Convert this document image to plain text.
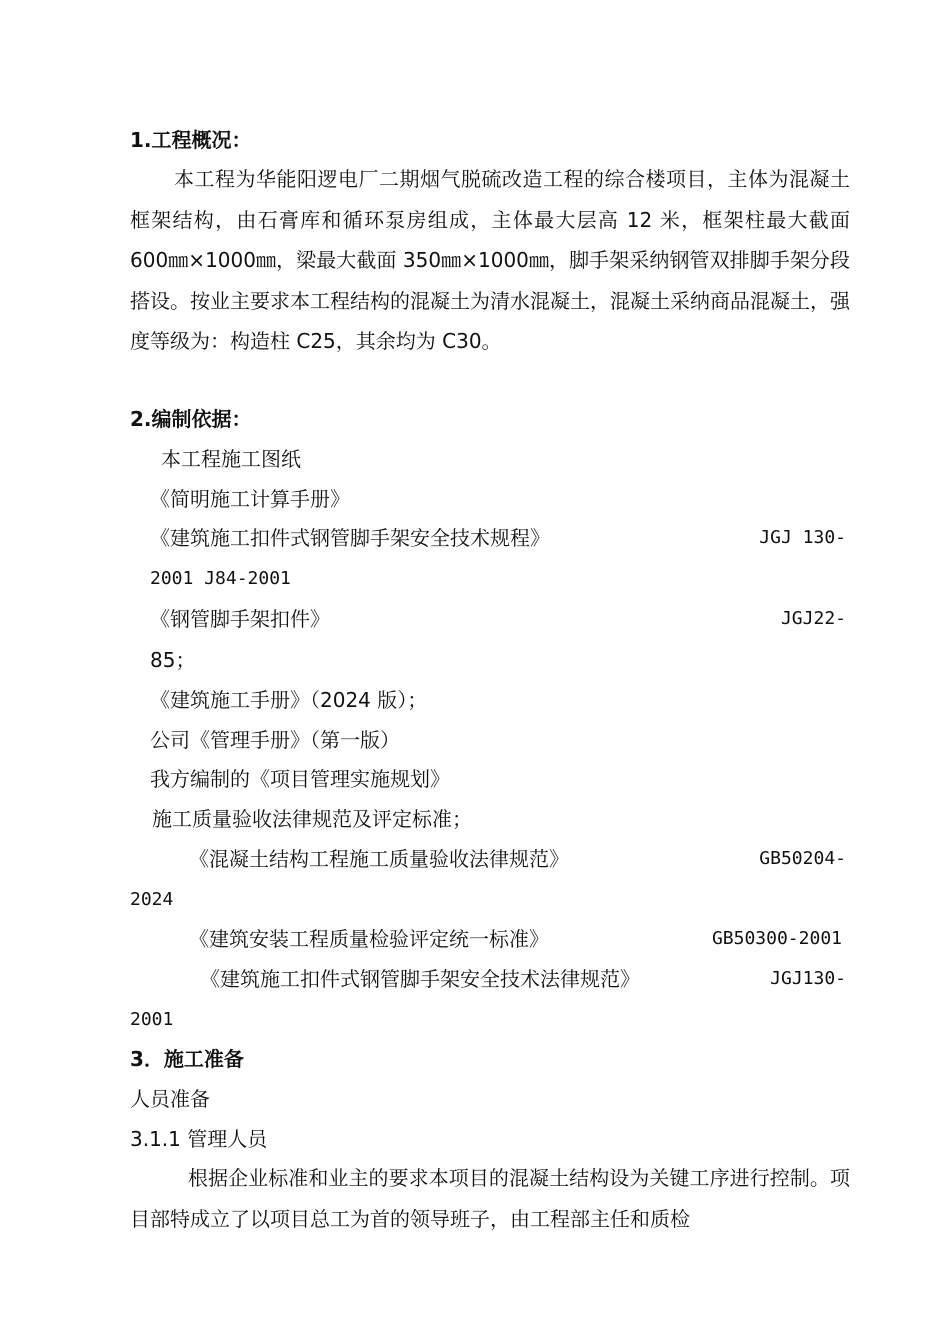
1.工程概况：
本工程为华能阳逻电厂二期烟气脱硫改造工程的综合楼项目，主体为混凝土框架结构，由石膏库和循环泵房组成，主体最大层高 12 米，框架柱最大截面 600㎜×1000㎜，梁最大截面 350㎜×1000㎜，脚手架采纳钢管双排脚手架分段搭设。按业主要求本工程结构的混凝土为清水混凝土，混凝土采纳商品混凝土，强度等级为：构造柱 C25，其余均为 C30。
2.编制依据：
本工程施工图纸
《简明施工计算手册》
《建筑施工扣件式钢管脚手架安全技术规程》	JGJ 130-
2001 J84-2001
《钢管脚手架扣件》	JGJ22-
85；
《建筑施工手册》（2024 版）；
公司《管理手册》（第一版）
我方编制的《项目管理实施规划》
施工质量验收法律规范及评定标准；
《混凝土结构工程施工质量验收法律规范》	GB50204-
2024
《建筑安装工程质量检验评定统一标准》	GB50300-2001
《建筑施工扣件式钢管脚手架安全技术法律规范》	JGJ130-
2001
3．施工准备
人员准备
3.1.1 管理人员
根据企业标准和业主的要求本项目的混凝土结构设为关键工序进行控制。项目部特成立了以项目总工为首的领导班子，由工程部主任和质检
